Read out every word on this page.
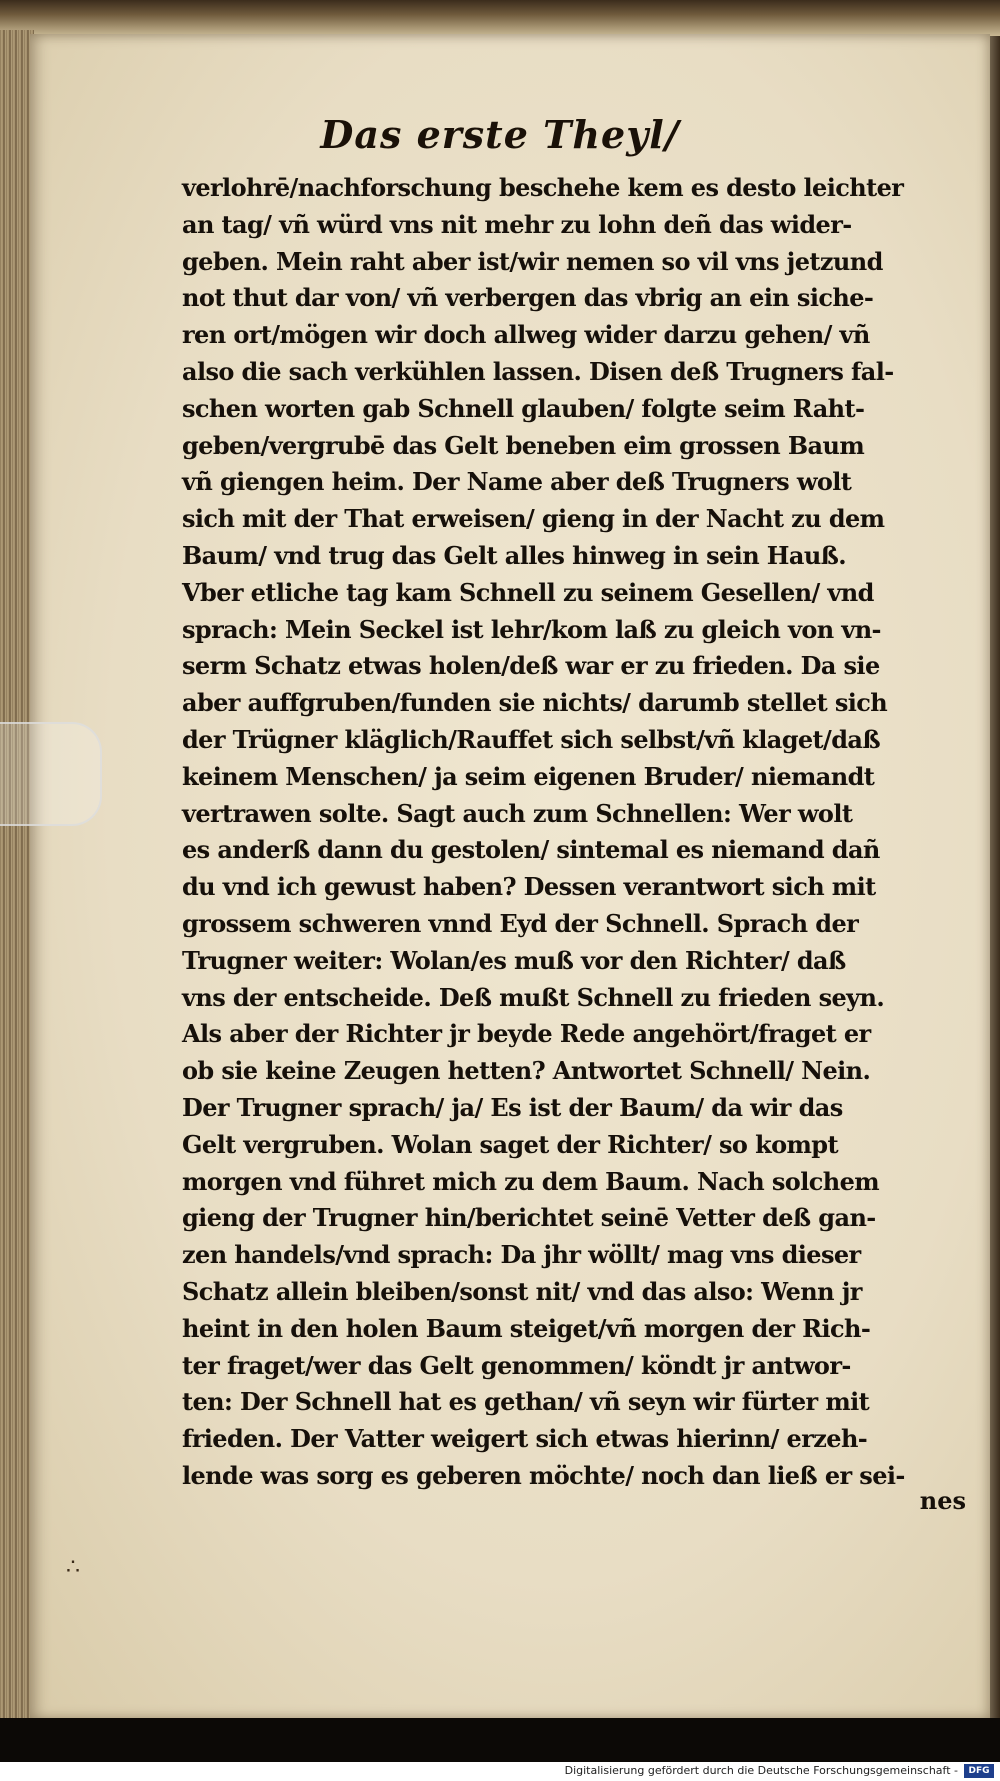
Das erste Theyl/
verlohrē/nachforschung beschehe kem es desto leichter
an tag/ vñ würd vns nit mehr zu lohn deñ das wider-
geben. Mein raht aber ist/wir nemen so vil vns jetzund
not thut dar von/ vñ verbergen das vbrig an ein siche-
ren ort/mögen wir doch allweg wider darzu gehen/ vñ
also die sach verkühlen lassen. Disen deß Trugners fal-
schen worten gab Schnell glauben/ folgte seim Raht-
geben/vergrubē das Gelt beneben eim grossen Baum
vñ giengen heim. Der Name aber deß Trugners wolt
sich mit der That erweisen/ gieng in der Nacht zu dem
Baum/ vnd trug das Gelt alles hinweg in sein Hauß.
Vber etliche tag kam Schnell zu seinem Gesellen/ vnd
sprach: Mein Seckel ist lehr/kom laß zu gleich von vn-
serm Schatz etwas holen/deß war er zu frieden. Da sie
aber auffgruben/funden sie nichts/ darumb stellet sich
der Trügner kläglich/Rauffet sich selbst/vñ klaget/daß
keinem Menschen/ ja seim eigenen Bruder/ niemandt
vertrawen solte. Sagt auch zum Schnellen: Wer wolt
es anderß dann du gestolen/ sintemal es niemand dañ
du vnd ich gewust haben? Dessen verantwort sich mit
grossem schweren vnnd Eyd der Schnell. Sprach der
Trugner weiter: Wolan/es muß vor den Richter/ daß
vns der entscheide. Deß mußt Schnell zu frieden seyn.
Als aber der Richter jr beyde Rede angehört/fraget er
ob sie keine Zeugen hetten? Antwortet Schnell/ Nein.
Der Trugner sprach/ ja/ Es ist der Baum/ da wir das
Gelt vergruben. Wolan saget der Richter/ so kompt
morgen vnd führet mich zu dem Baum. Nach solchem
gieng der Trugner hin/berichtet seinē Vetter deß gan-
zen handels/vnd sprach: Da jhr wöllt/ mag vns dieser
Schatz allein bleiben/sonst nit/ vnd das also: Wenn jr
heint in den holen Baum steiget/vñ morgen der Rich-
ter fraget/wer das Gelt genommen/ köndt jr antwor-
ten: Der Schnell hat es gethan/ vñ seyn wir fürter mit
frieden. Der Vatter weigert sich etwas hierinn/ erzeh-
lende was sorg es geberen möchte/ noch dan ließ er sei-
nes
∴
Digitalisierung gefördert durch die Deutsche Forschungsgemeinschaft -	DFG
